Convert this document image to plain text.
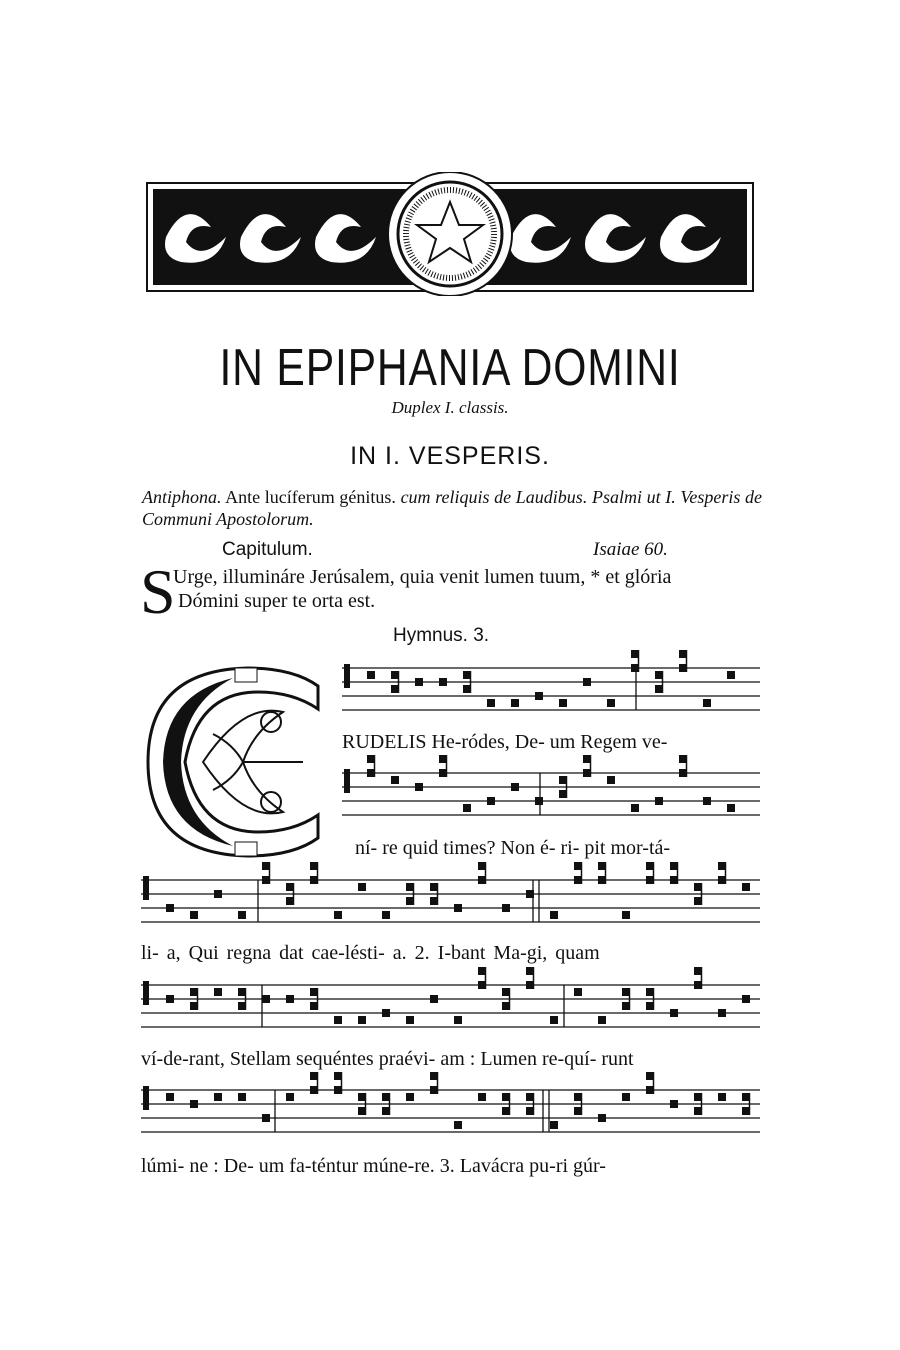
IN EPIPHANIA DOMINI
Duplex I. classis.
IN I. VESPERIS.
Antiphona. Ante lucíferum génitus. cum reliquis de Laudibus. Psalmi ut I. Vesperis de Communi Apostolorum.
Capitulum.	Isaiae 60.
S
Urge, illumináre Jerúsalem, quia venit lumen tuum, * et glória
Dómini super te orta est.
Hymnus. 3.
RUDELIS He-ródes, De- um Regem ve-
ní- re quid times? Non é- ri- pit mor-tá-
li- a, Qui regna dat cae-lésti- a. 2. I-bant Ma-gi, quam
ví-de-rant, Stellam sequéntes praévi- am : Lumen re-quí- runt
lúmi- ne : De- um fa-téntur múne-re. 3. Lavácra pu-ri gúr-
